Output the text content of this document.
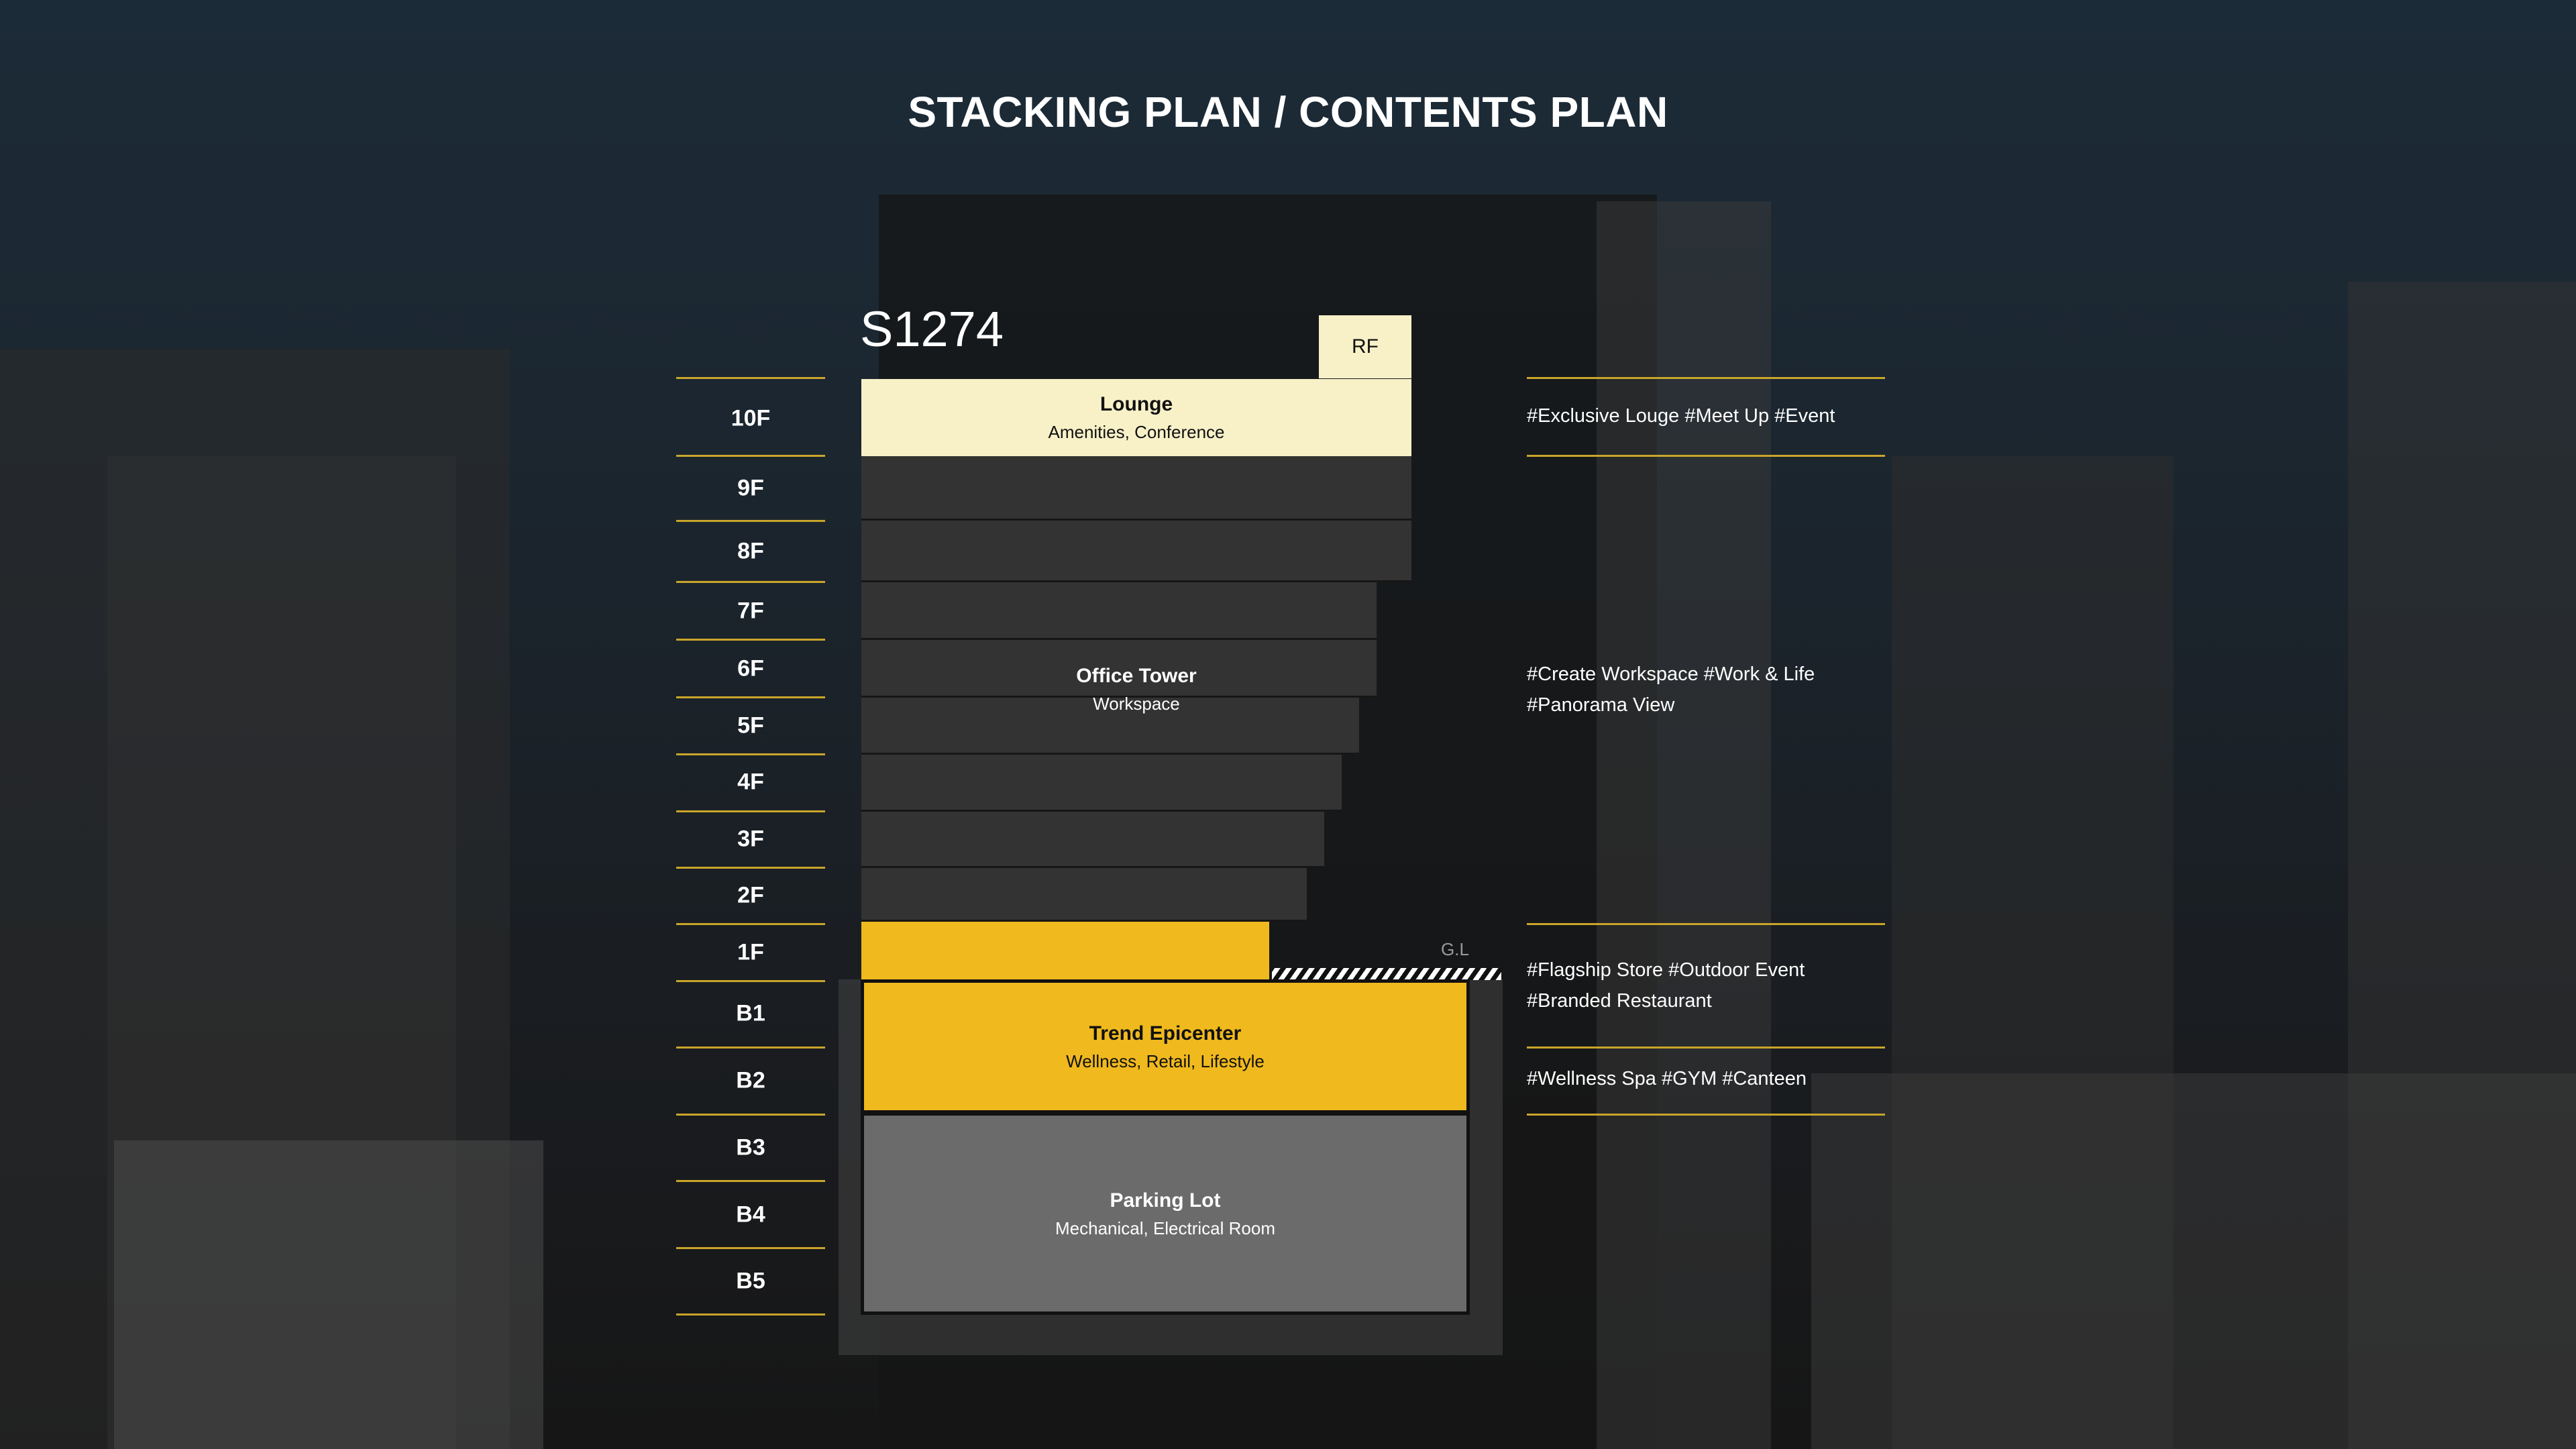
STACKING PLAN / CONTENTS PLAN
10F
9F
8F
7F
6F
5F
4F
3F
2F
1F
B1
B2
B3
B4
B5
S1274	RF
Lounge
Amenities, Conference
Office Tower
Workspace
G.L
Trend Epicenter
Wellness, Retail, Lifestyle
Parking Lot
Mechanical, Electrical Room
#Exclusive Louge #Meet Up #Event
#Create Workspace #Work & Life
#Panorama View
#Flagship Store #Outdoor Event
#Branded Restaurant
#Wellness Spa #GYM #Canteen
